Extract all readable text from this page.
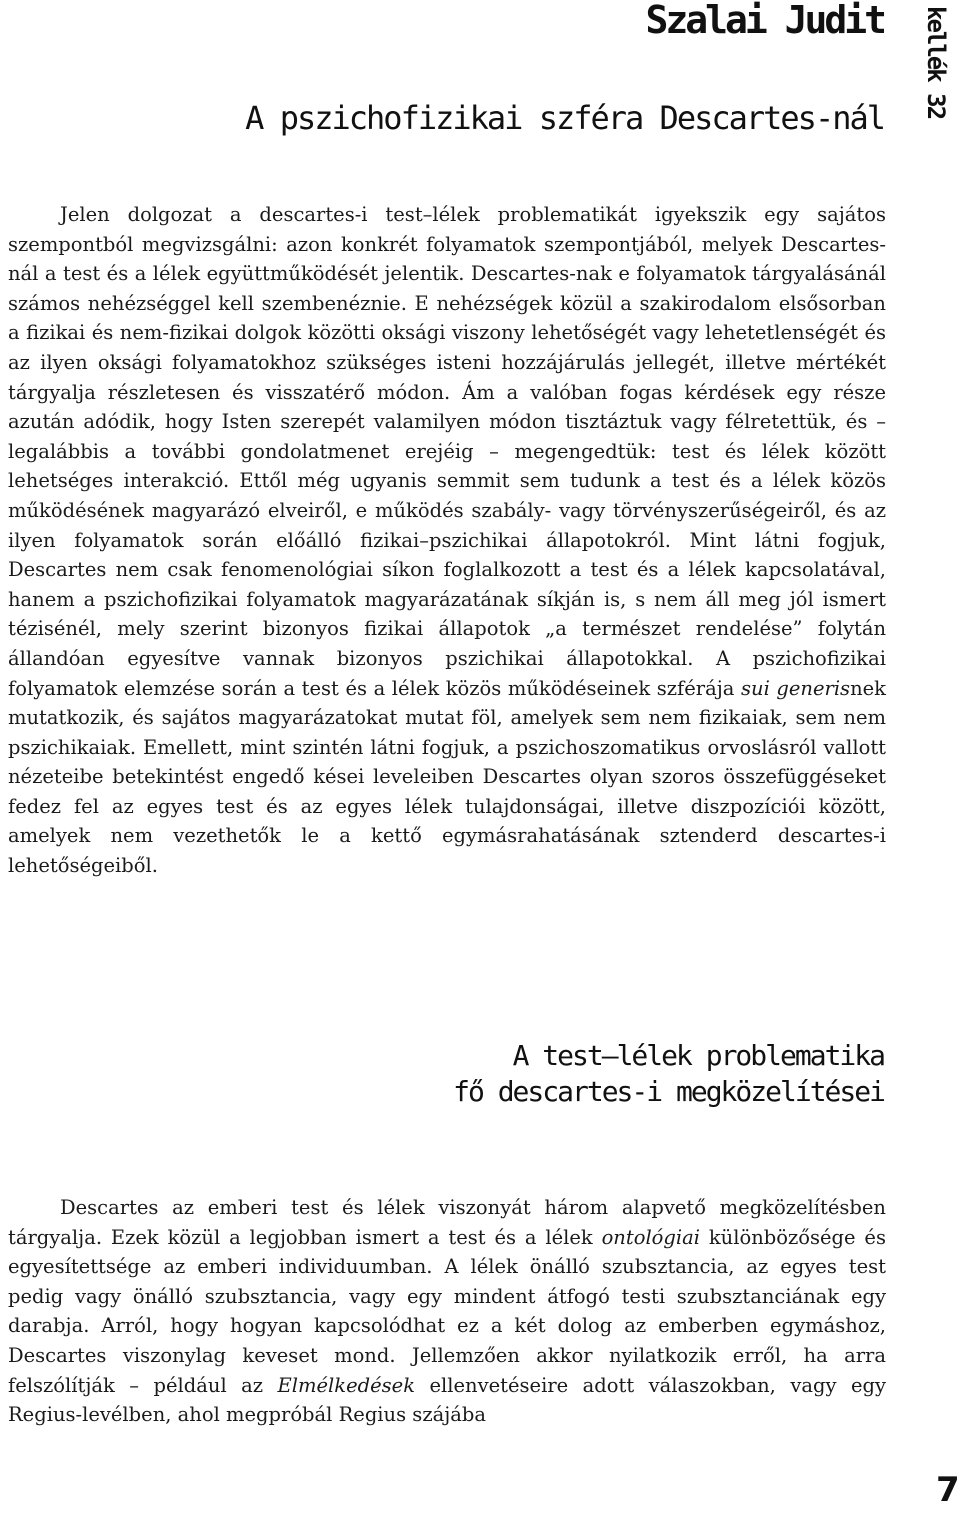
Szalai Judit
A pszichofizikai szféra Descartes-nál kellék 32

Jelen dolgozat a descartes-i test–lélek problematikát igyekszik egy sajátos szempontból megvizsgálni: azon konkrét folyamatok szempontjából, melyek Descartes-nál a test és a lélek együttműködését jelentik. Descartes-nak e folyamatok tárgyalásánál számos nehézséggel kell szembenéznie. E nehézségek közül a szakirodalom elsősorban a fizikai és nem-fizikai dolgok közötti oksági viszony lehetőségét vagy lehetetlenségét és az ilyen oksági folyamatokhoz szükséges isteni hozzájárulás jellegét, illetve mértékét tárgyalja részletesen és visszatérő módon. Ám a valóban fogas kérdések egy része azután adódik, hogy Isten szerepét valamilyen módon tisztáztuk vagy félretettük, és – legalábbis a további gondolatmenet erejéig – megengedtük: test és lélek között lehetséges interakció. Ettől még ugyanis semmit sem tudunk a test és a lélek közös működésének magyarázó elveiről, e működés szabály- vagy törvényszerűségeiről, és az ilyen folyamatok során előálló fizikai–pszichikai állapotokról. Mint látni fogjuk, Descartes nem csak fenomenológiai síkon foglalkozott a test és a lélek kapcsolatával, hanem a pszichofizikai folyamatok magyarázatának síkján is, s nem áll meg jól ismert tézisénél, mely szerint bizonyos fizikai állapotok „a természet rendelése” folytán állandóan egyesítve vannak bizonyos pszichikai állapotokkal. A pszichofizikai folyamatok elemzése során a test és a lélek közös működéseinek szférája sui generisnek mutatkozik, és sajátos magyarázatokat mutat föl, amelyek sem nem fizikaiak, sem nem pszichikaiak. Emellett, mint szintén látni fogjuk, a pszichoszomatikus orvoslásról vallott nézeteibe betekintést engedő kései leveleiben Descartes olyan szoros összefüggéseket fedez fel az egyes test és az egyes lélek tulajdonságai, illetve diszpozíciói között, amelyek nem vezethetők le a kettő egymásrahatásának sztenderd descartes-i lehetőségeiből.

A test–lélek problematika
fő descartes-i megközelítései

Descartes az emberi test és lélek viszonyát három alapvető megközelítésben tárgyalja. Ezek közül a legjobban ismert a test és a lélek ontológiai különbözősége és egyesítettsége az emberi individuumban. A lélek önálló szubsztancia, az egyes test pedig vagy önálló szubsztancia, vagy egy mindent átfogó testi szubsztanciának egy darabja. Arról, hogy hogyan kapcsolódhat ez a két dolog az emberben egymáshoz, Descartes viszonylag keveset mond. Jellemzően akkor nyilatkozik erről, ha arra felszólítják – például az Elmélkedések ellenvetéseire adott válaszokban, vagy egy Regius-levélben, ahol megpróbál Regius szájába

7
